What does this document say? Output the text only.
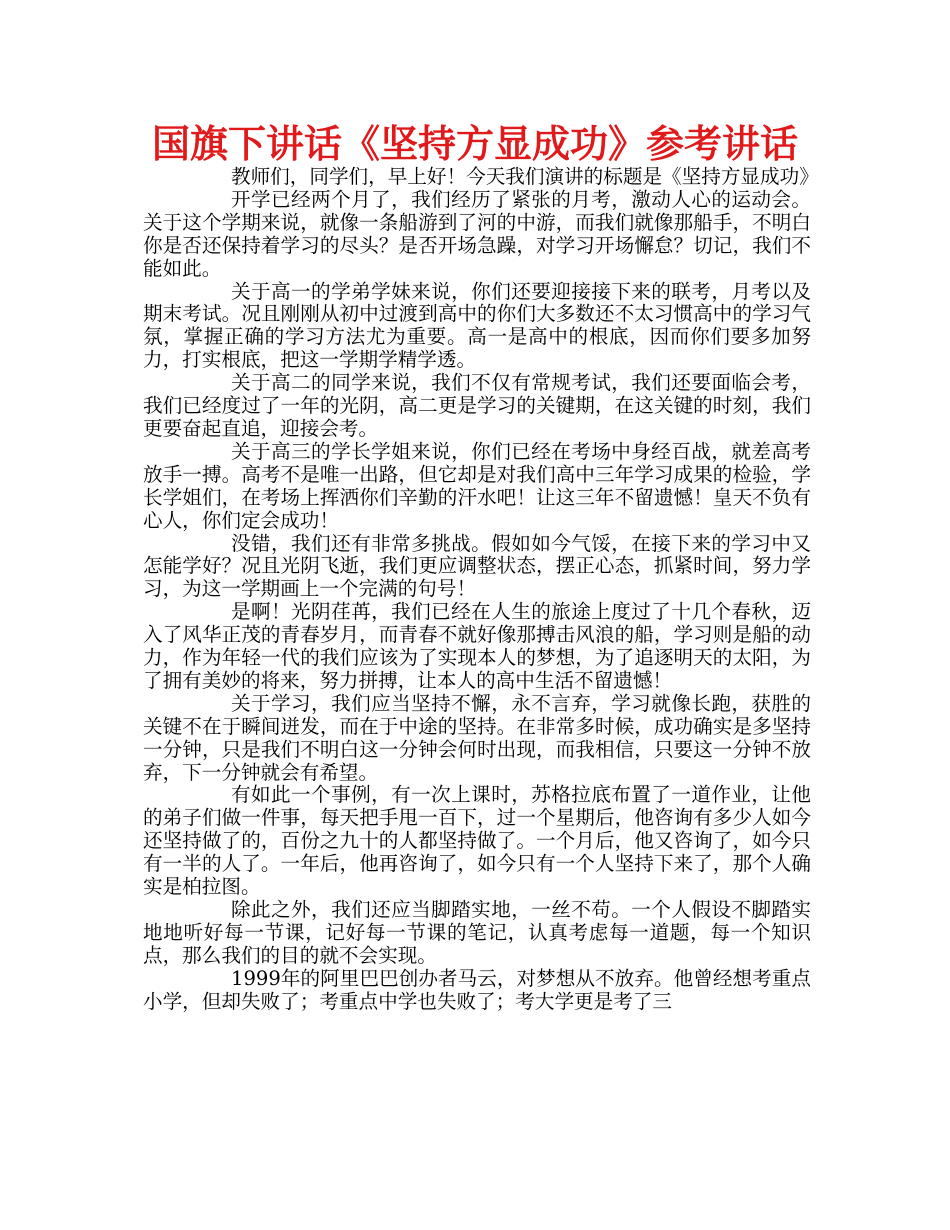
国旗下讲话《坚持方显成功》参考讲话

教师们，同学们，早上好！今天我们演讲的标题是《坚持方显成功》

开学已经两个月了，我们经历了紧张的月考，激动人心的运动会。关于这个学期来说，就像一条船游到了河的中游，而我们就像那船手，不明白你是否还保持着学习的尽头？是否开场急躁，对学习开场懈怠？切记，我们不能如此。

关于高一的学弟学妹来说，你们还要迎接接下来的联考，月考以及期末考试。况且刚刚从初中过渡到高中的你们大多数还不太习惯高中的学习气氛，掌握正确的学习方法尤为重要。高一是高中的根底，因而你们要多加努力，打实根底，把这一学期学精学透。

关于高二的同学来说，我们不仅有常规考试，我们还要面临会考，我们已经度过了一年的光阴，高二更是学习的关键期，在这关键的时刻，我们更要奋起直追，迎接会考。

关于高三的学长学姐来说，你们已经在考场中身经百战，就差高考放手一搏。高考不是唯一出路，但它却是对我们高中三年学习成果的检验，学长学姐们，在考场上挥洒你们辛勤的汗水吧！让这三年不留遗憾！皇天不负有心人，你们定会成功！

没错，我们还有非常多挑战。假如如今气馁，在接下来的学习中又怎能学好？况且光阴飞逝，我们更应调整状态，摆正心态，抓紧时间，努力学习，为这一学期画上一个完满的句号！

是啊！光阴荏苒，我们已经在人生的旅途上度过了十几个春秋，迈入了风华正茂的青春岁月，而青春不就好像那搏击风浪的船，学习则是船的动力，作为年轻一代的我们应该为了实现本人的梦想，为了追逐明天的太阳，为了拥有美妙的将来，努力拼搏，让本人的高中生活不留遗憾！

关于学习，我们应当坚持不懈，永不言弃，学习就像长跑，获胜的关键不在于瞬间迸发，而在于中途的坚持。在非常多时候，成功确实是多坚持一分钟，只是我们不明白这一分钟会何时出现，而我相信，只要这一分钟不放弃，下一分钟就会有希望。

有如此一个事例，有一次上课时，苏格拉底布置了一道作业，让他的弟子们做一件事，每天把手甩一百下，过一个星期后，他咨询有多少人如今还坚持做了的，百份之九十的人都坚持做了。一个月后，他又咨询了，如今只有一半的人了。一年后，他再咨询了，如今只有一个人坚持下来了，那个人确实是柏拉图。

除此之外，我们还应当脚踏实地，一丝不苟。一个人假设不脚踏实地地听好每一节课，记好每一节课的笔记，认真考虑每一道题，每一个知识点，那么我们的目的就不会实现。

1999年的阿里巴巴创办者马云，对梦想从不放弃。他曾经想考重点小学，但却失败了；考重点中学也失败了；考大学更是考了三
